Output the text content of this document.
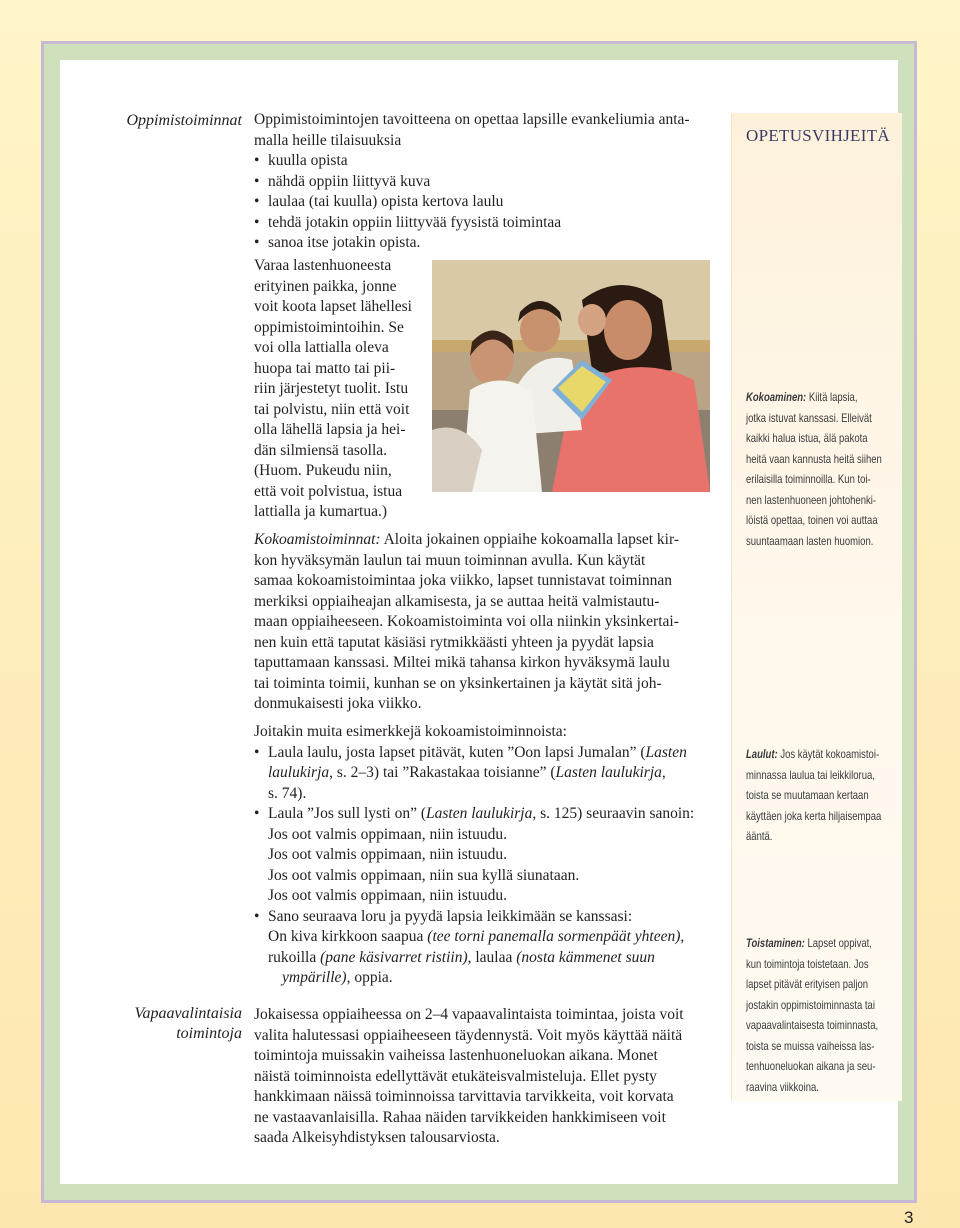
Oppimistoiminnat
Vapaavalintaisia
toimintoja

Oppimistoimintojen tavoitteena on opettaa lapsille evankeliumia anta-

malla heille tilaisuuksia

• kuulla opista
• nähdä oppiin liittyvä kuva
• laulaa (tai kuulla) opista kertova laulu
• tehdä jotakin oppiin liittyvää fyysistä toimintaa
• sanoa itse jotakin opista.

Varaa lastenhuoneesta

erityinen paikka, jonne

voit koota lapset lähellesi

oppimistoimintoihin. Se

voi olla lattialla oleva

huopa tai matto tai pii-

riin järjestetyt tuolit. Istu

tai polvistu, niin että voit

olla lähellä lapsia ja hei-

dän silmiensä tasolla.

(Huom. Pukeudu niin,

että voit polvistua, istua

lattialla ja kumartua.)

Kokoamistoiminnat: Aloita jokainen oppiaihe kokoamalla lapset kir-

kon hyväksymän laulun tai muun toiminnan avulla. Kun käytät

samaa kokoamistoimintaa joka viikko, lapset tunnistavat toiminnan

merkiksi oppiaiheajan alkamisesta, ja se auttaa heitä valmistautu-

maan oppiaiheeseen. Kokoamistoiminta voi olla niinkin yksinkertai-

nen kuin että taputat käsiäsi rytmikkäästi yhteen ja pyydät lapsia

taputtamaan kanssasi. Miltei mikä tahansa kirkon hyväksymä laulu

tai toiminta toimii, kunhan se on yksinkertainen ja käytät sitä joh-

donmukaisesti joka viikko.

Joitakin muita esimerkkejä kokoamistoiminnoista:

• Laula laulu, josta lapset pitävät, kuten ”Oon lapsi Jumalan” (Lasten
laulukirja, s. 2–3) tai ”Rakastakaa toisianne” (Lasten laulukirja,
s. 74).
• Laula ”Jos sull lysti on” (Lasten laulukirja, s. 125) seuraavin sanoin:
Jos oot valmis oppimaan, niin istuudu.
Jos oot valmis oppimaan, niin istuudu.
Jos oot valmis oppimaan, niin sua kyllä siunataan.
Jos oot valmis oppimaan, niin istuudu.
• Sano seuraava loru ja pyydä lapsia leikkimään se kanssasi:
On kiva kirkkoon saapua (tee torni panemalla sormenpäät yhteen),
rukoilla (pane käsivarret ristiin), laulaa (nosta kämmenet suun
ympärille), oppia.

Jokaisessa oppiaiheessa on 2–4 vapaavalintaista toimintaa, joista voit

valita halutessasi oppiaiheeseen täydennystä. Voit myös käyttää näitä

toimintoja muissakin vaiheissa lastenhuoneluokan aikana. Monet

näistä toiminnoista edellyttävät etukäteisvalmisteluja. Ellet pysty

hankkimaan näissä toiminnoissa tarvittavia tarvikkeita, voit korvata

ne vastaavanlaisilla. Rahaa näiden tarvikkeiden hankkimiseen voit

saada Alkeisyhdistyksen talousarviosta.

OPETUSVIHJEITÄ
Kokoaminen: Kiitä lapsia,
jotka istuvat kanssasi. Elleivät
kaikki halua istua, älä pakota
heitä vaan kannusta heitä siihen
erilaisilla toiminnoilla. Kun toi-
nen lastenhuoneen johtohenki-
löistä opettaa, toinen voi auttaa
suuntaamaan lasten huomion.
Laulut: Jos käytät kokoamistoi-
minnassa laulua tai leikkilorua,
toista se muutamaan kertaan
käyttäen joka kerta hiljaisempaa
ääntä.
Toistaminen: Lapset oppivat,
kun toimintoja toistetaan. Jos
lapset pitävät erityisen paljon
jostakin oppimistoiminnasta tai
vapaavalintaisesta toiminnasta,
toista se muissa vaiheissa las-
tenhuoneluokan aikana ja seu-
raavina viikkoina.
3
